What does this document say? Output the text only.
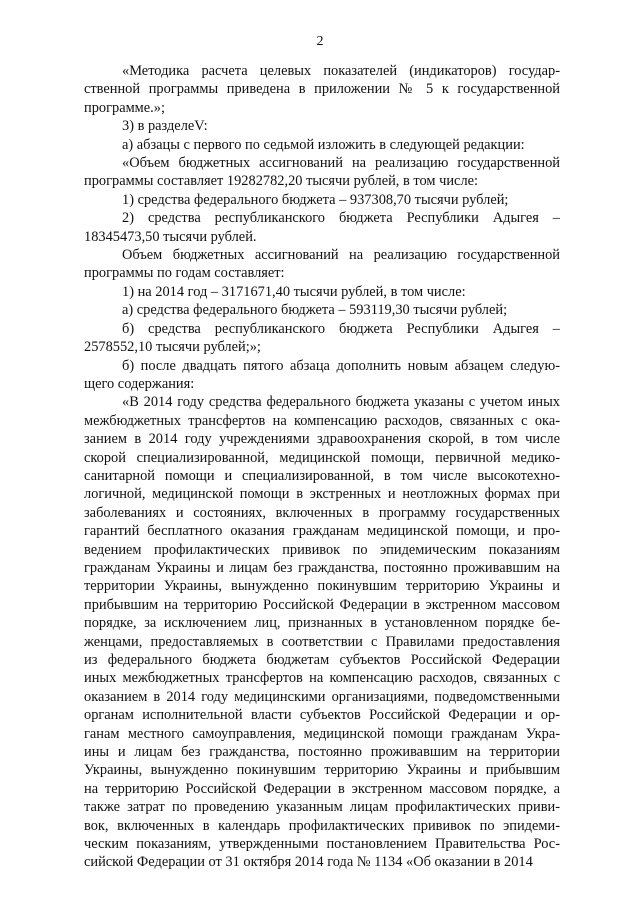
2

«Методика расчета целевых показателей (индикаторов) государ-
ственной программы приведена в приложении № 5 к государственной
программе.»;

3) в разделеV:

а) абзацы с первого по седьмой изложить в следующей редакции:

«Объем бюджетных ассигнований на реализацию государственной
программы составляет 19282782,20 тысячи рублей, в том числе:

1) средства федерального бюджета – 937308,70 тысячи рублей;

2) средства республиканского бюджета Республики Адыгея –
18345473,50 тысячи рублей.

Объем бюджетных ассигнований на реализацию государственной
программы по годам составляет:

1) на 2014 год – 3171671,40 тысячи рублей, в том числе:

а) средства федерального бюджета – 593119,30 тысячи рублей;

б) средства республиканского бюджета Республики Адыгея –
2578552,10 тысячи рублей;»;

б) после двадцать пятого абзаца дополнить новым абзацем следую-
щего содержания:

«В 2014 году средства федерального бюджета указаны с учетом иных
межбюджетных трансфертов на компенсацию расходов, связанных с ока-
занием в 2014 году учреждениями здравоохранения скорой, в том числе
скорой специализированной, медицинской помощи, первичной медико-
санитарной помощи и специализированной, в том числе высокотехно-
логичной, медицинской помощи в экстренных и неотложных формах при
заболеваниях и состояниях, включенных в программу государственных
гарантий бесплатного оказания гражданам медицинской помощи, и про-
ведением профилактических прививок по эпидемическим показаниям
гражданам Украины и лицам без гражданства, постоянно проживавшим на
территории Украины, вынужденно покинувшим территорию Украины и
прибывшим на территорию Российской Федерации в экстренном массовом
порядке, за исключением лиц, признанных в установленном порядке бе-
женцами, предоставляемых в соответствии с Правилами предоставления
из федерального бюджета бюджетам субъектов Российской Федерации
иных межбюджетных трансфертов на компенсацию расходов, связанных с
оказанием в 2014 году медицинскими организациями, подведомственными
органам исполнительной власти субъектов Российской Федерации и ор-
ганам местного самоуправления, медицинской помощи гражданам Укра-
ины и лицам без гражданства, постоянно проживавшим на территории
Украины, вынужденно покинувшим территорию Украины и прибывшим
на территорию Российской Федерации в экстренном массовом порядке, а
также затрат по проведению указанным лицам профилактических приви-
вок, включенных в календарь профилактических прививок по эпидеми-
ческим показаниям, утвержденными постановлением Правительства Рос-
сийской Федерации от 31 октября 2014 года № 1134 «Об оказании в 2014
